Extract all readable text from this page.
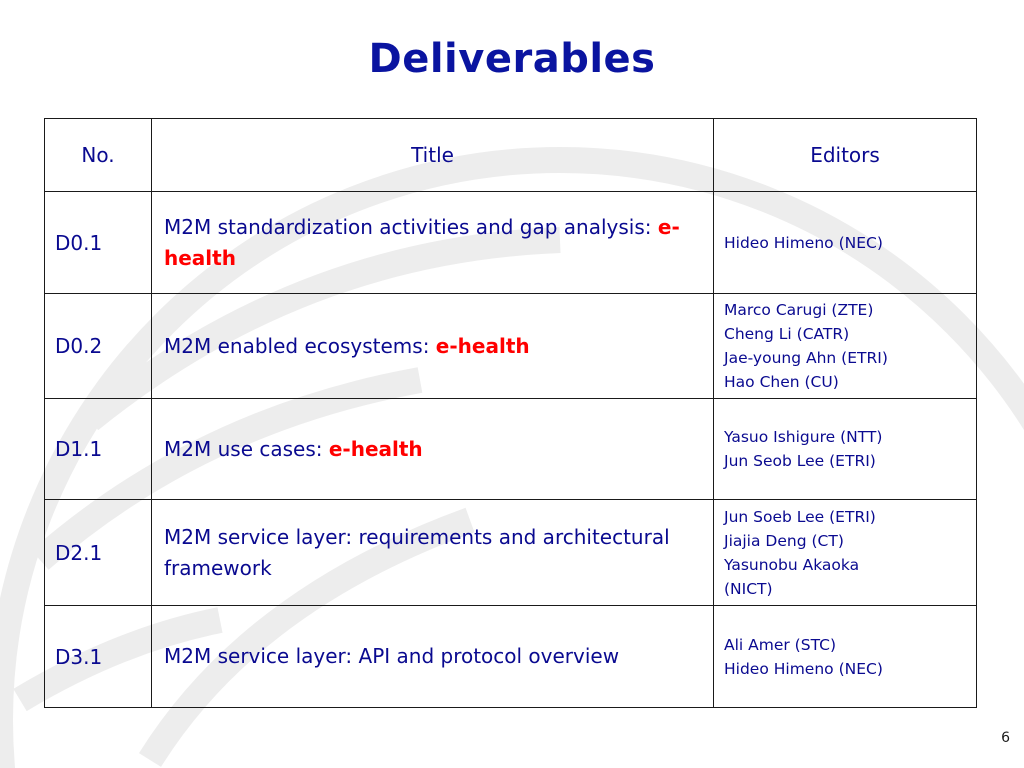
Deliverables
No.	Title	Editors
D0.1	M2M standardization activities and gap analysis: e-health	Hideo Himeno (NEC)

D0.2	M2M enabled ecosystems: e-health	Marco Carugi (ZTE)
Cheng Li (CATR)
Jae-young Ahn (ETRI)
Hao Chen (CU)

D1.1	M2M use cases: e-health	Yasuo Ishigure (NTT)
Jun Seob Lee (ETRI)

D2.1	M2M service layer: requirements and architectural framework	Jun Soeb Lee (ETRI)
Jiajia Deng (CT)
Yasunobu Akaoka
(NICT)

D3.1	M2M service layer: API and protocol overview	Ali Amer (STC)
Hideo Himeno (NEC)
6
